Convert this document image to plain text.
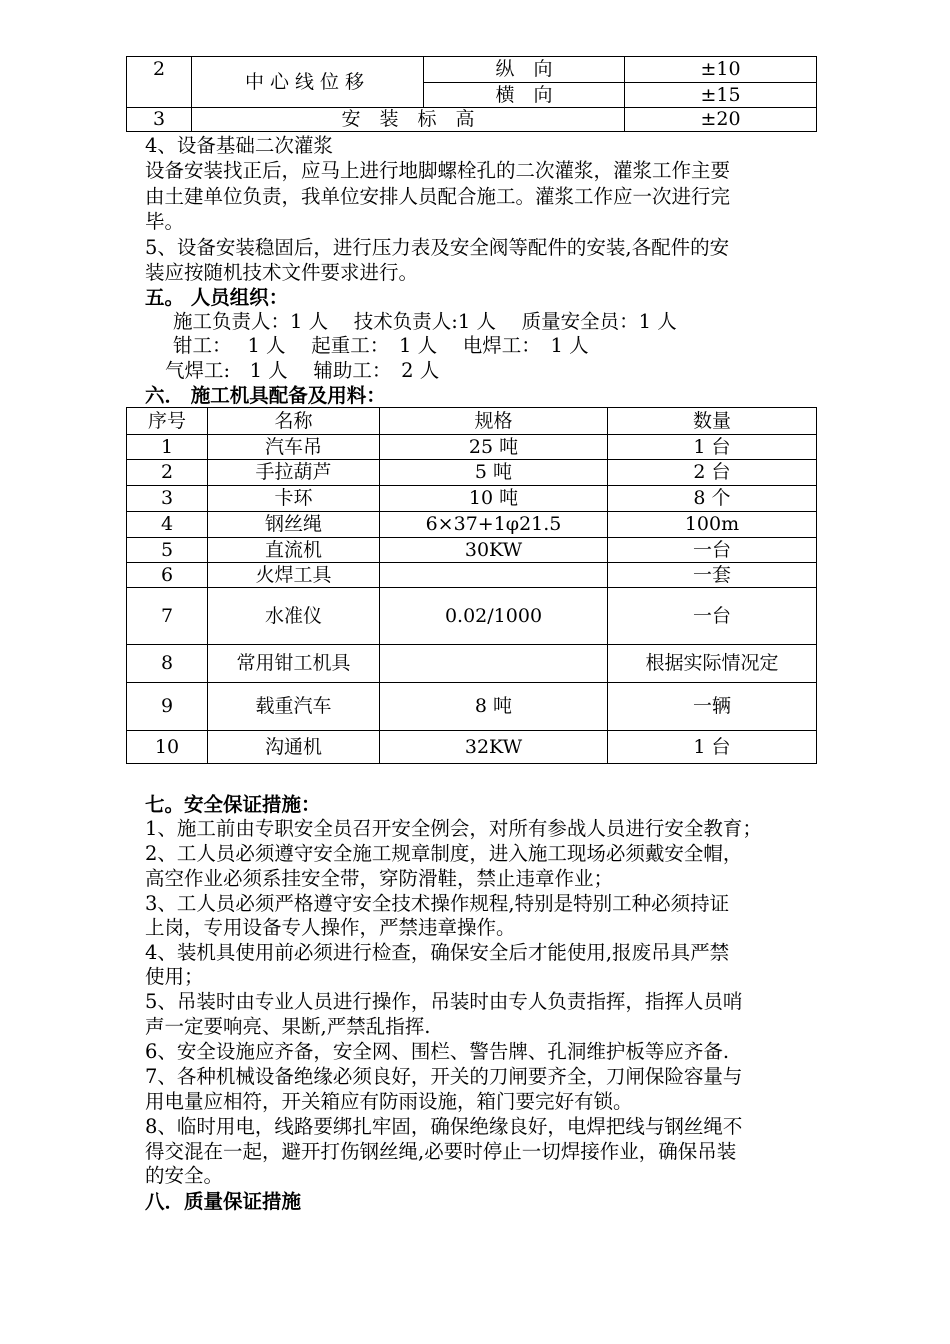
2	中心线位移	纵　向	±10
		横　向	±15
3	安　装　标　高		±20
4、设备基础二次灌浆
设备安装找正后，应马上进行地脚螺栓孔的二次灌浆，灌浆工作主要
由土建单位负责，我单位安排人员配合施工。灌浆工作应一次进行完
毕。
5、设备安装稳固后，进行压力表及安全阀等配件的安装,各配件的安
装应按随机技术文件要求进行。
五。 人员组织：
施工负责人：1 人　 技术负责人:1 人　 质量安全员：1 人
钳工：　 1 人　 起重工：　1 人　 电焊工：　1 人
气焊工:　1 人　 辅助工：　2 人
六． 施工机具配备及用料：
序号	名称	规格	数量
1	汽车吊	25 吨	1 台
2	手拉葫芦	5 吨	2 台
3	卡环	10 吨	8 个
4	钢丝绳	6×37+1φ21.5	100m
5	直流机	30KW	一台
6	火焊工具		一套
7	水准仪	0.02/1000	一台
8	常用钳工机具		根据实际情况定
9	载重汽车	8 吨	一辆
10	沟通机	32KW	1 台
七。安全保证措施：
1、施工前由专职安全员召开安全例会，对所有参战人员进行安全教育；
2、工人员必须遵守安全施工规章制度，进入施工现场必须戴安全帽，
高空作业必须系挂安全带，穿防滑鞋，禁止违章作业；
3、工人员必须严格遵守安全技术操作规程,特别是特别工种必须持证
上岗，专用设备专人操作，严禁违章操作。
4、装机具使用前必须进行检查，确保安全后才能使用,报废吊具严禁
使用；
5、吊装时由专业人员进行操作，吊装时由专人负责指挥，指挥人员哨
声一定要响亮、果断,严禁乱指挥.
6、安全设施应齐备，安全网、围栏、警告牌、孔洞维护板等应齐备.
7、各种机械设备绝缘必须良好，开关的刀闸要齐全，刀闸保险容量与
用电量应相符，开关箱应有防雨设施，箱门要完好有锁。
8、临时用电，线路要绑扎牢固，确保绝缘良好，电焊把线与钢丝绳不
得交混在一起，避开打伤钢丝绳,必要时停止一切焊接作业，确保吊装
的安全。
八．质量保证措施
